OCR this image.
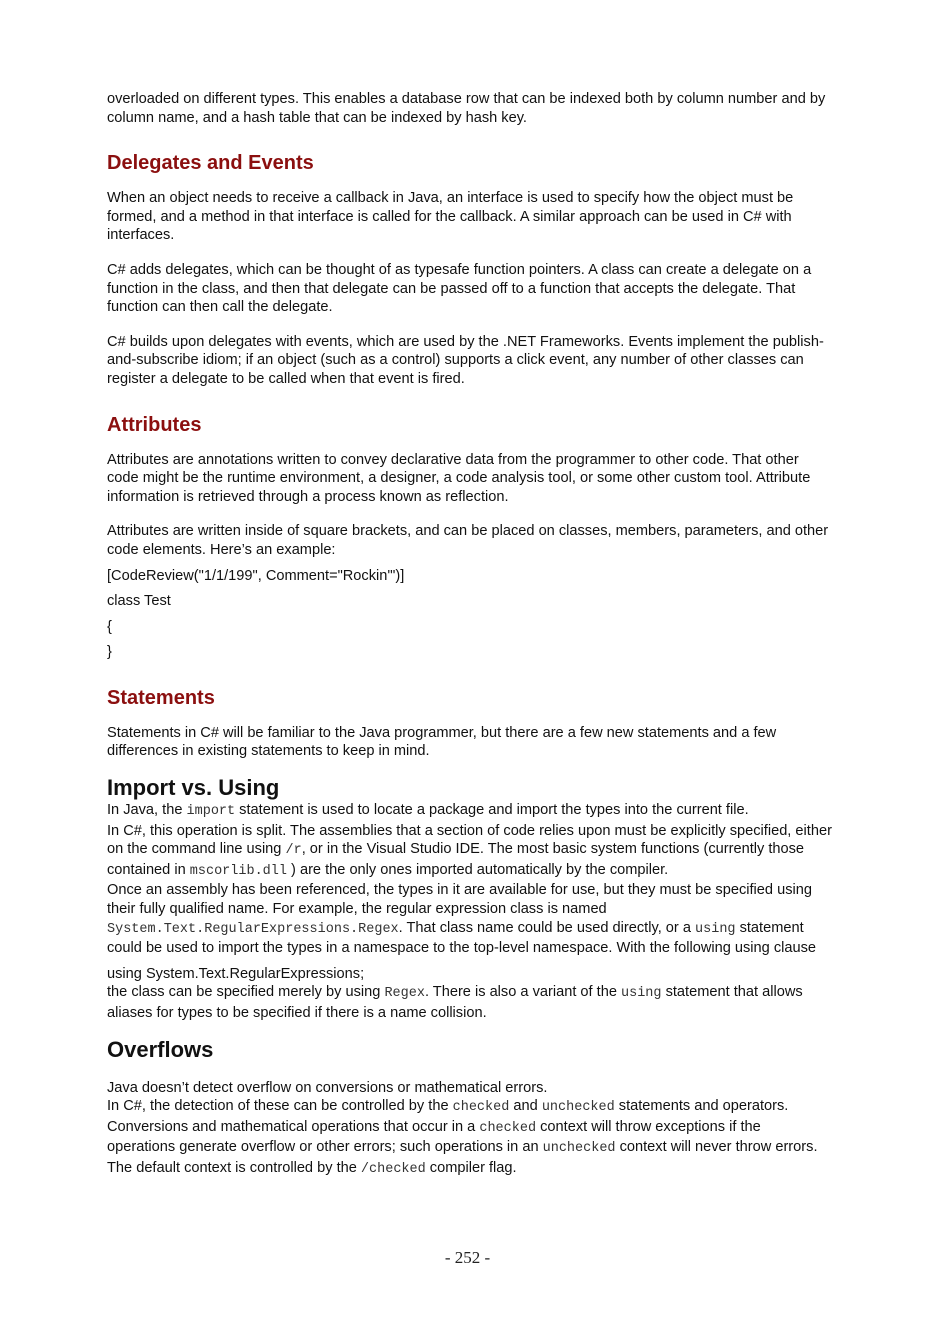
overloaded on different types. This enables a database row that can be indexed both by column number and by column name, and a hash table that can be indexed by hash key.

Delegates and Events

When an object needs to receive a callback in Java, an interface is used to specify how the object must be formed, and a method in that interface is called for the callback. A similar approach can be used in C# with interfaces.

C# adds delegates, which can be thought of as typesafe function pointers. A class can create a delegate on a function in the class, and then that delegate can be passed off to a function that accepts the delegate. That function can then call the delegate.

C# builds upon delegates with events, which are used by the .NET Frameworks. Events implement the publish-and-subscribe idiom; if an object (such as a control) supports a click event, any number of other classes can register a delegate to be called when that event is fired.

Attributes

Attributes are annotations written to convey declarative data from the programmer to other code. That other code might be the runtime environment, a designer, a code analysis tool, or some other custom tool. Attribute information is retrieved through a process known as reflection.

Attributes are written inside of square brackets, and can be placed on classes, members, parameters, and other code elements. Here’s an example:

[CodeReview("1/1/199", Comment="Rockin'")]

class Test

{

}

Statements

Statements in C# will be familiar to the Java programmer, but there are a few new statements and a few differences in existing statements to keep in mind.

Import vs. Using

In Java, the import statement is used to locate a package and import the types into the current file.

In C#, this operation is split. The assemblies that a section of code relies upon must be explicitly specified, either on the command line using /r, or in the Visual Studio IDE. The most basic system functions (currently those contained in mscorlib.dll ) are the only ones imported automatically by the compiler.

Once an assembly has been referenced, the types in it are available for use, but they must be specified using their fully qualified name. For example, the regular expression class is named System.Text.RegularExpressions.Regex. That class name could be used directly, or a using statement could be used to import the types in a namespace to the top-level namespace. With the following using clause

using System.Text.RegularExpressions;

the class can be specified merely by using Regex. There is also a variant of the using statement that allows aliases for types to be specified if there is a name collision.

Overflows

Java doesn’t detect overflow on conversions or mathematical errors.

In C#, the detection of these can be controlled by the checked and unchecked statements and operators. Conversions and mathematical operations that occur in a checked context will throw exceptions if the operations generate overflow or other errors; such operations in an unchecked context will never throw errors. The default context is controlled by the /checked compiler flag.

- 252 -
